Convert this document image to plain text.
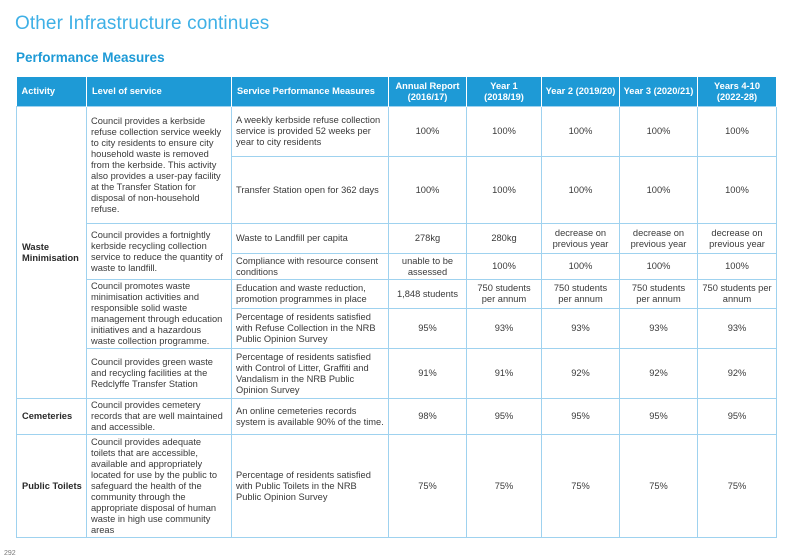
Other Infrastructure continues
Performance Measures
Activity	Level of service	Service Performance Measures	Annual Report (2016/17)	Year 1 (2018/19)	Year 2 (2019/20)	Year 3 (2020/21)	Years 4-10 (2022-28)
Waste Minimisation	Council provides a kerbside refuse collection service weekly to city residents to ensure city household waste is removed from the kerbside. This activity also provides a user-pay facility at the Transfer Station for disposal of non-household refuse.	A weekly kerbside refuse collection service is provided 52 weeks per year to city residents	100%	100%	100%	100%	100%
		Transfer Station open for 362 days	100%	100%	100%	100%	100%
	Council provides a fortnightly kerbside recycling collection service to reduce the quantity of waste to landfill.	Waste to Landfill per capita	278kg	280kg	decrease on previous year	decrease on previous year	decrease on previous year
		Compliance with resource consent conditions	unable to be assessed	100%	100%	100%	100%
	Council promotes waste minimisation activities and responsible solid waste management through education initiatives and a hazardous waste collection programme.	Education and waste reduction, promotion programmes in place	1,848 students	750 students per annum	750 students per annum	750 students per annum	750 students per annum
		Percentage of residents satisfied with Refuse Collection in the NRB Public Opinion Survey	95%	93%	93%	93%	93%
	Council provides green waste and recycling facilities at the Redclyffe Transfer Station	Percentage of residents satisfied with Control of Litter, Graffiti and Vandalism in the NRB Public Opinion Survey	91%	91%	92%	92%	92%
Cemeteries	Council provides cemetery records that are well maintained and accessible.	An online cemeteries records system is available 90% of the time.	98%	95%	95%	95%	95%
Public Toilets	Council provides adequate toilets that are accessible, available and appropriately located for use by the public to safeguard the health of the community through the appropriate disposal of human waste in high use community areas	Percentage of residents satisfied with Public Toilets in the NRB Public Opinion Survey	75%	75%	75%	75%	75%
292
